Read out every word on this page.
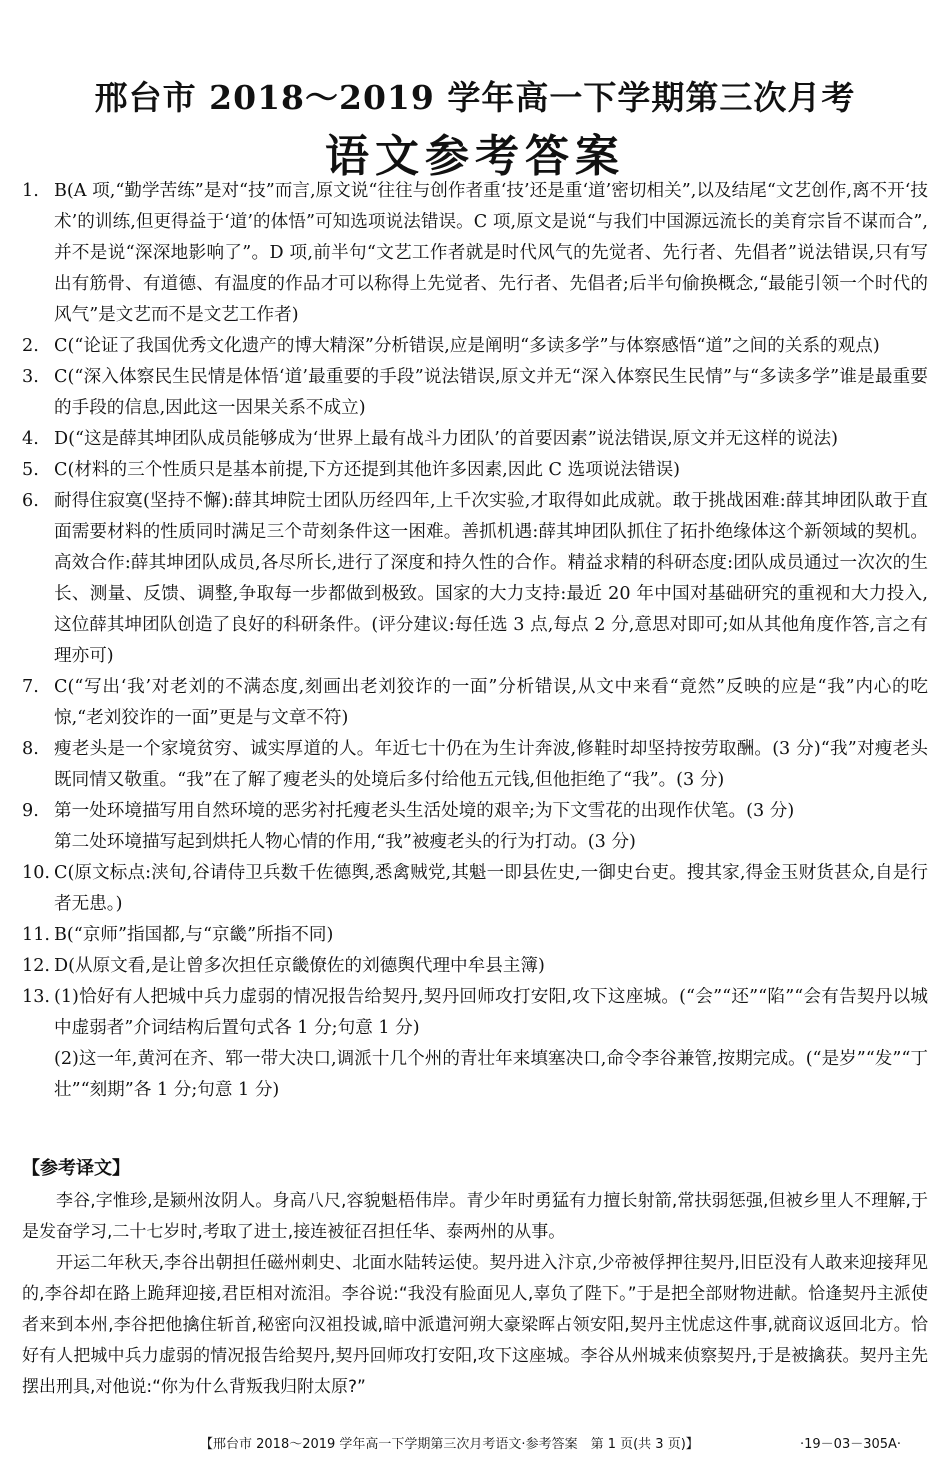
邢台市 2018～2019 学年高一下学期第三次月考
语文参考答案
1. B(A 项,“勤学苦练”是对“技”而言,原文说“往往与创作者重‘技’还是重‘道’密切相关”,以及结尾“文艺创作,离不开‘技术’的训练,但更得益于‘道’的体悟”可知选项说法错误。C 项,原文是说“与我们中国源远流长的美育宗旨不谋而合”,并不是说“深深地影响了”。D 项,前半句“文艺工作者就是时代风气的先觉者、先行者、先倡者”说法错误,只有写出有筋骨、有道德、有温度的作品才可以称得上先觉者、先行者、先倡者;后半句偷换概念,“最能引领一个时代的风气”是文艺而不是文艺工作者)
2. C(“论证了我国优秀文化遗产的博大精深”分析错误,应是阐明“多读多学”与体察感悟“道”之间的关系的观点)
3. C(“深入体察民生民情是体悟‘道’最重要的手段”说法错误,原文并无“深入体察民生民情”与“多读多学”谁是最重要的手段的信息,因此这一因果关系不成立)
4. D(“这是薛其坤团队成员能够成为‘世界上最有战斗力团队’的首要因素”说法错误,原文并无这样的说法)
5. C(材料的三个性质只是基本前提,下方还提到其他许多因素,因此 C 选项说法错误)
6. 耐得住寂寞(坚持不懈):薛其坤院士团队历经四年,上千次实验,才取得如此成就。敢于挑战困难:薛其坤团队敢于直面需要材料的性质同时满足三个苛刻条件这一困难。善抓机遇:薛其坤团队抓住了拓扑绝缘体这个新领域的契机。高效合作:薛其坤团队成员,各尽所长,进行了深度和持久性的合作。精益求精的科研态度:团队成员通过一次次的生长、测量、反馈、调整,争取每一步都做到极致。国家的大力支持:最近 20 年中国对基础研究的重视和大力投入,这位薛其坤团队创造了良好的科研条件。(评分建议:每任选 3 点,每点 2 分,意思对即可;如从其他角度作答,言之有理亦可)
7. C(“写出‘我’对老刘的不满态度,刻画出老刘狡诈的一面”分析错误,从文中来看“竟然”反映的应是“我”内心的吃惊,“老刘狡诈的一面”更是与文章不符)
8. 瘦老头是一个家境贫穷、诚实厚道的人。年近七十仍在为生计奔波,修鞋时却坚持按劳取酬。(3 分)“我”对瘦老头既同情又敬重。“我”在了解了瘦老头的处境后多付给他五元钱,但他拒绝了“我”。(3 分)
9. 第一处环境描写用自然环境的恶劣衬托瘦老头生活处境的艰辛;为下文雪花的出现作伏笔。(3 分)
第二处环境描写起到烘托人物心情的作用,“我”被瘦老头的行为打动。(3 分)
10. C(原文标点:浃旬,谷请侍卫兵数千佐德舆,悉禽贼党,其魁一即县佐史,一御史台吏。搜其家,得金玉财货甚众,自是行者无患。)
11. B(“京师”指国都,与“京畿”所指不同)
12. D(从原文看,是让曾多次担任京畿僚佐的刘德舆代理中牟县主簿)
13. (1)恰好有人把城中兵力虚弱的情况报告给契丹,契丹回师攻打安阳,攻下这座城。(“会”“还”“陷”“会有告契丹以城中虚弱者”介词结构后置句式各 1 分;句意 1 分)
(2)这一年,黄河在齐、郓一带大决口,调派十几个州的青壮年来填塞决口,命令李谷兼管,按期完成。(“是岁”“发”“丁壮”“刻期”各 1 分;句意 1 分)
【参考译文】

李谷,字惟珍,是颍州汝阴人。身高八尺,容貌魁梧伟岸。青少年时勇猛有力擅长射箭,常扶弱惩强,但被乡里人不理解,于是发奋学习,二十七岁时,考取了进士,接连被征召担任华、泰两州的从事。

开运二年秋天,李谷出朝担任磁州刺史、北面水陆转运使。契丹进入汴京,少帝被俘押往契丹,旧臣没有人敢来迎接拜见的,李谷却在路上跪拜迎接,君臣相对流泪。李谷说:“我没有脸面见人,辜负了陛下。”于是把全部财物进献。恰逢契丹主派使者来到本州,李谷把他擒住斩首,秘密向汉祖投诚,暗中派遣河朔大豪梁晖占领安阳,契丹主忧虑这件事,就商议返回北方。恰好有人把城中兵力虚弱的情况报告给契丹,契丹回师攻打安阳,攻下这座城。李谷从州城来侦察契丹,于是被擒获。契丹主先摆出刑具,对他说:“你为什么背叛我归附太原?”

【邢台市 2018～2019 学年高一下学期第三次月考语文·参考答案　第 1 页(共 3 页)】	·19－03－305A·
